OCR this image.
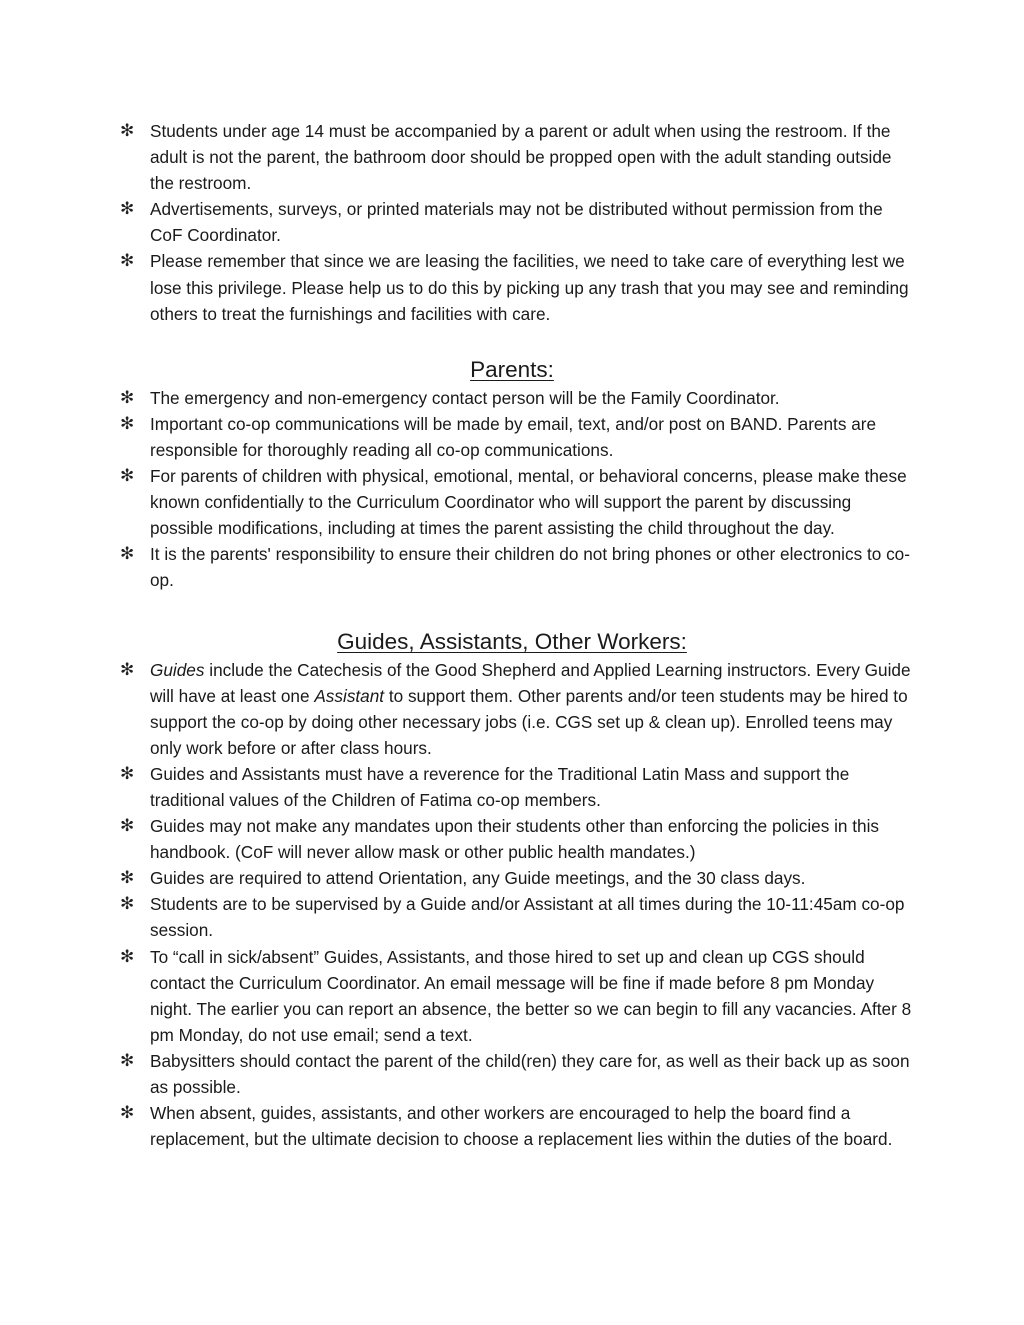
✻ Students under age 14 must be accompanied by a parent or adult when using the restroom. If the adult is not the parent, the bathroom door should be propped open with the adult standing outside the restroom.
✻ Advertisements, surveys, or printed materials may not be distributed without permission from the CoF Coordinator.
✻ Please remember that since we are leasing the facilities, we need to take care of everything lest we lose this privilege. Please help us to do this by picking up any trash that you may see and reminding others to treat the furnishings and facilities with care.
Parents:
✻ The emergency and non-emergency contact person will be the Family Coordinator.
✻ Important co-op communications will be made by email, text, and/or post on BAND. Parents are responsible for thoroughly reading all co-op communications.
✻ For parents of children with physical, emotional, mental, or behavioral concerns, please make these known confidentially to the Curriculum Coordinator who will support the parent by discussing possible modifications, including at times the parent assisting the child throughout the day.
✻ It is the parents' responsibility to ensure their children do not bring phones or other electronics to co-op.
Guides, Assistants, Other Workers:
✻ Guides include the Catechesis of the Good Shepherd and Applied Learning instructors. Every Guide will have at least one Assistant to support them. Other parents and/or teen students may be hired to support the co-op by doing other necessary jobs (i.e. CGS set up & clean up). Enrolled teens may only work before or after class hours.
✻ Guides and Assistants must have a reverence for the Traditional Latin Mass and support the traditional values of the Children of Fatima co-op members.
✻ Guides may not make any mandates upon their students other than enforcing the policies in this handbook. (CoF will never allow mask or other public health mandates.)
✻ Guides are required to attend Orientation, any Guide meetings, and the 30 class days.
✻ Students are to be supervised by a Guide and/or Assistant at all times during the 10-11:45am co-op session.
✻ To “call in sick/absent” Guides, Assistants, and those hired to set up and clean up CGS should contact the Curriculum Coordinator. An email message will be fine if made before 8 pm Monday night. The earlier you can report an absence, the better so we can begin to fill any vacancies. After 8 pm Monday, do not use email; send a text.
✻ Babysitters should contact the parent of the child(ren) they care for, as well as their back up as soon as possible.
✻ When absent, guides, assistants, and other workers are encouraged to help the board find a replacement, but the ultimate decision to choose a replacement lies within the duties of the board.
